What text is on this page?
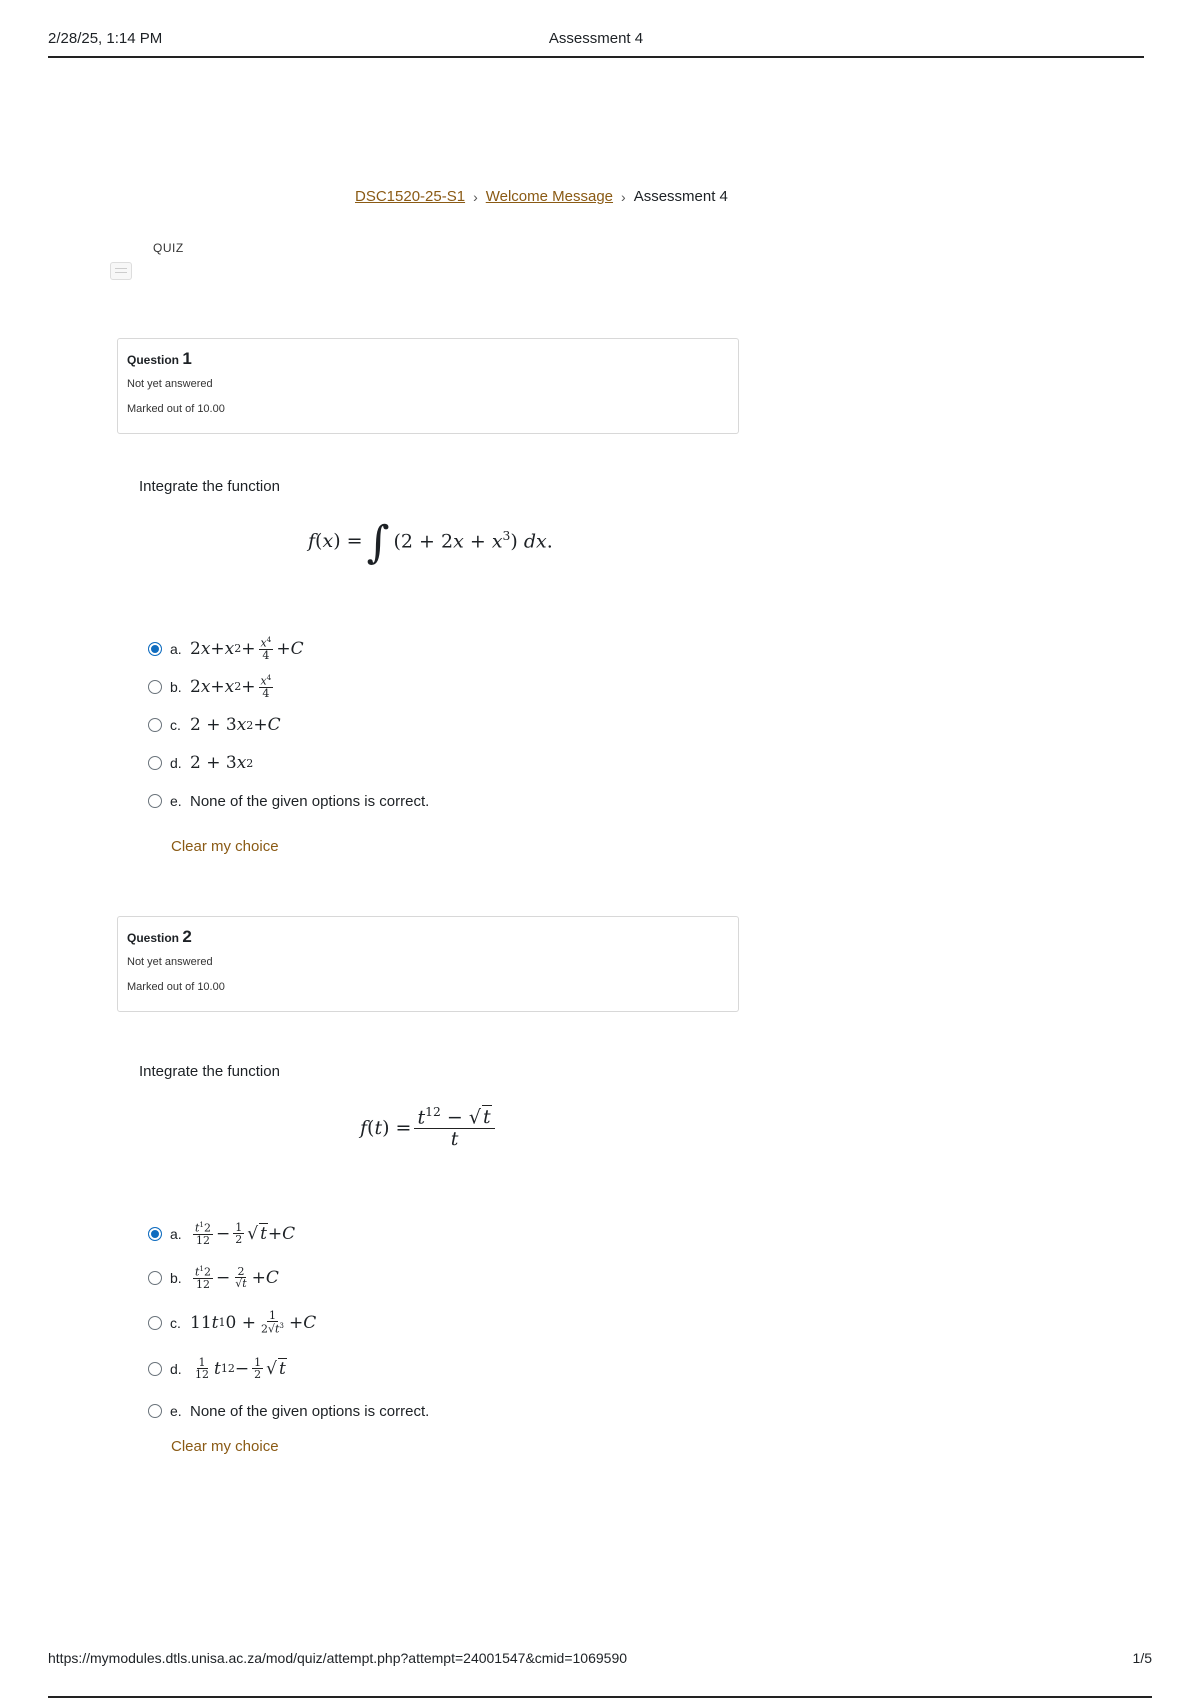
2/28/25, 1:14 PM	Assessment 4
DSC1520-25-S1 › Welcome Message › Assessment 4
QUIZ
Question 1
Not yet answered
Marked out of 10.00
Integrate the function
f(x) = ∫ $(2 + 2x + x^3)$ dx.
a. 2 x + x $2 + \frac{x^4}{4} + C$
b. 2 x + x $2 + \frac{x^4}{4}$
c. 2 + 3 x 2 + C
d. 2 + 3 x 2
e. None of the given options is correct.
Clear my choice
Question 2
Not yet answered
Marked out of 10.00
Integrate the function
$f(t) = \frac{t^{12} - √ t}{t}$
a.	$\frac{t^12}{12} - \frac{1}{2}$ √ t + C
b.	$\frac{t^12}{12} - \frac{2}{√t} + C$
c. 11 t 1 $0 + \frac{1}{2√t^3} + C$
d.	$\frac{1}{12}$ t $12 - \frac{1}{2}$ √ t
e. None of the given options is correct.
Clear my choice
https://mymodules.dtls.unisa.ac.za/mod/quiz/attempt.php?attempt=24001547&cmid=1069590	1/5
